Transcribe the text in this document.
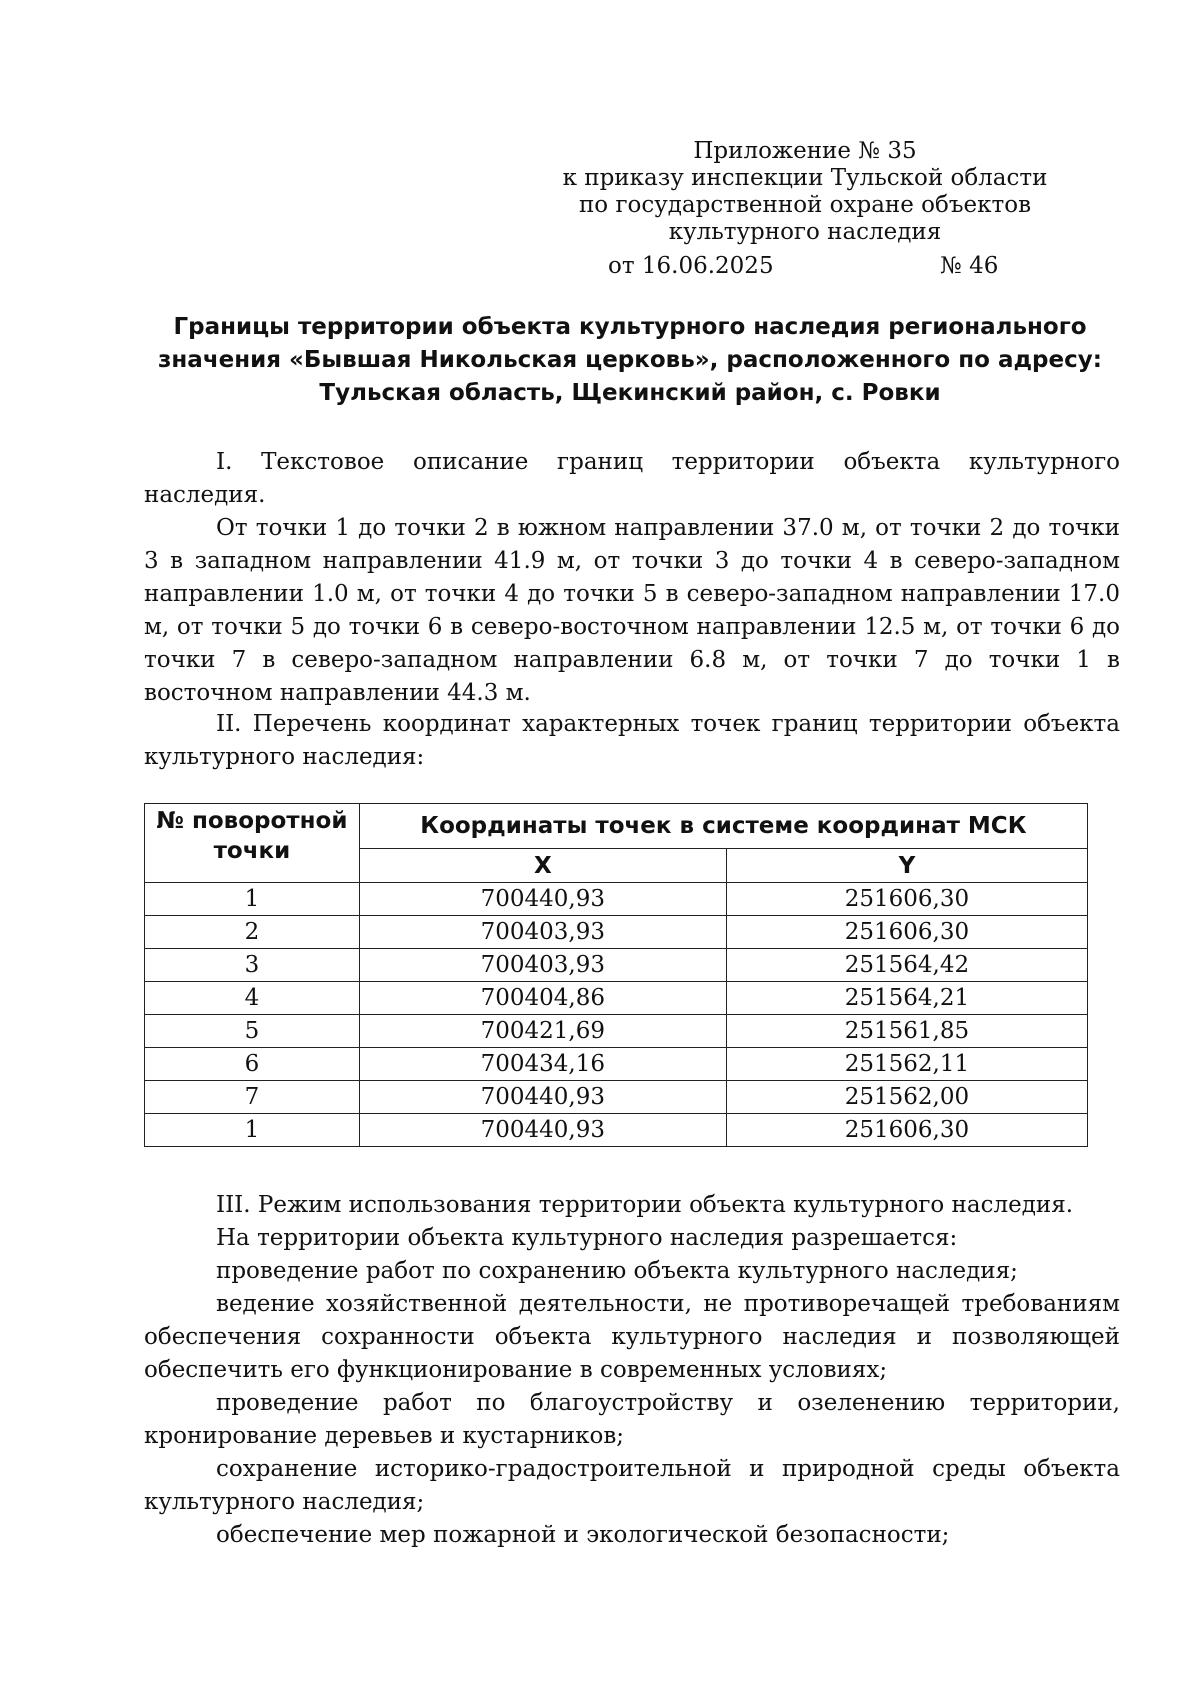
Приложение № 35
к приказу инспекции Тульской области
по государственной охране объектов
культурного наследия
от 16.06.2025	№ 46
Границы территории объекта культурного наследия регионального
значения «Бывшая Никольская церковь», расположенного по адресу:
Тульская область, Щекинский район, с. Ровки

I. Текстовое описание границ территории объекта культурного наследия.

От точки 1 до точки 2 в южном направлении 37.0 м, от точки 2 до точки 3 в западном направлении 41.9 м, от точки 3 до точки 4 в северо-западном направлении 1.0 м, от точки 4 до точки 5 в северо-западном направлении 17.0 м, от точки 5 до точки 6 в северо-восточном направлении 12.5 м, от точки 6 до точки 7 в северо-западном направлении 6.8 м, от точки 7 до точки 1 в восточном направлении 44.3 м.

II. Перечень координат характерных точек границ территории объекта культурного наследия:

№ поворотной точки	Координаты точек в системе координат МСК	
	X	Y
1	700440,93	251606,30
2	700403,93	251606,30
3	700403,93	251564,42
4	700404,86	251564,21
5	700421,69	251561,85
6	700434,16	251562,11
7	700440,93	251562,00
1	700440,93	251606,30

III. Режим использования территории объекта культурного наследия.

На территории объекта культурного наследия разрешается:

проведение работ по сохранению объекта культурного наследия;

ведение хозяйственной деятельности, не противоречащей требованиям обеспечения сохранности объекта культурного наследия и позволяющей обеспечить его функционирование в современных условиях;

проведение работ по благоустройству и озеленению территории, кронирование деревьев и кустарников;

сохранение историко-градостроительной и природной среды объекта культурного наследия;

обеспечение мер пожарной и экологической безопасности;
